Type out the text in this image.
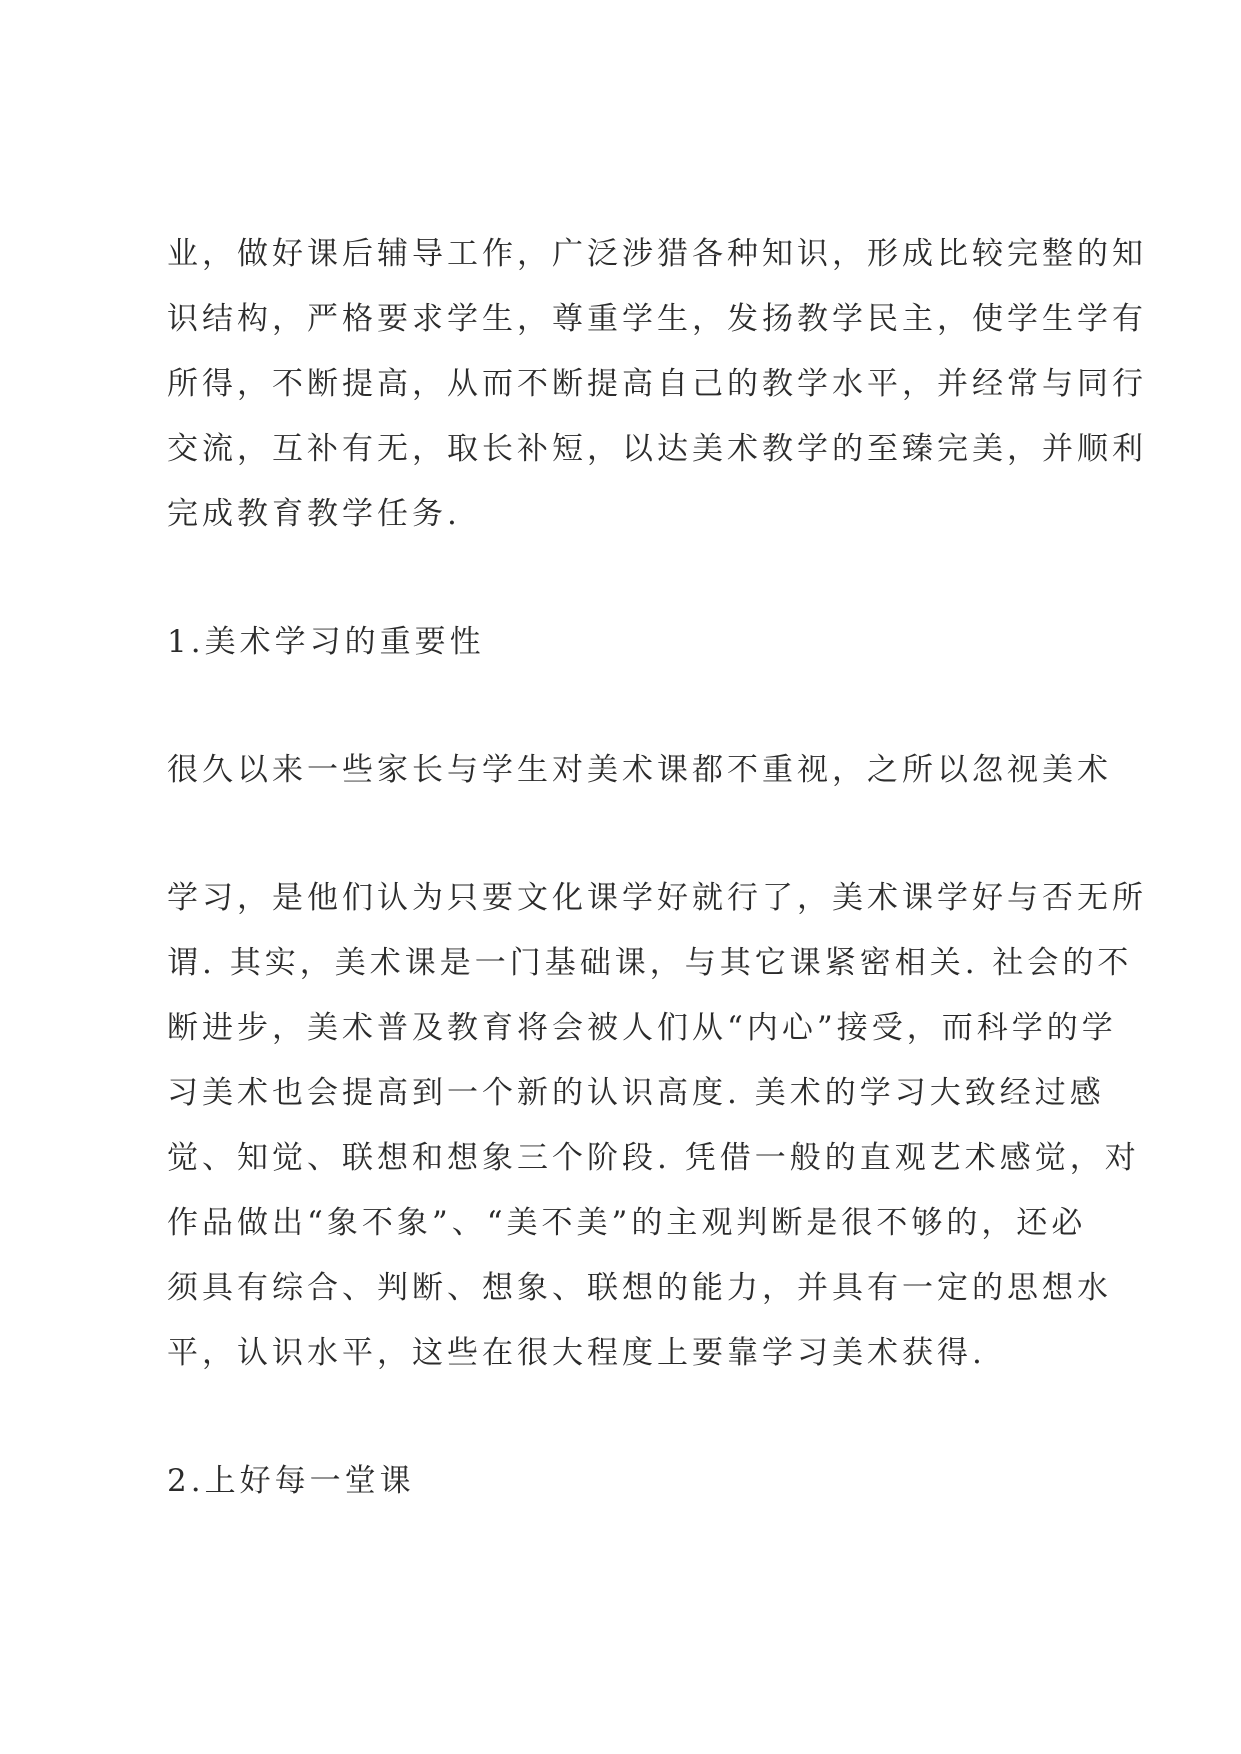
业，做好课后辅导工作，广泛涉猎各种知识，形成比较完整的知
识结构，严格要求学生，尊重学生，发扬教学民主，使学生学有
所得，不断提高，从而不断提高自己的教学水平，并经常与同行
交流，互补有无，取长补短，以达美术教学的至臻完美，并顺利
完成教育教学任务.

1.美术学习的重要性

很久以来一些家长与学生对美术课都不重视，之所以忽视美术

学习，是他们认为只要文化课学好就行了，美术课学好与否无所
谓. 其实，美术课是一门基础课，与其它课紧密相关. 社会的不
断进步，美术普及教育将会被人们从“内心”接受，而科学的学
习美术也会提高到一个新的认识高度. 美术的学习大致经过感
觉、知觉、联想和想象三个阶段. 凭借一般的直观艺术感觉，对
作品做出“象不象”、“美不美”的主观判断是很不够的，还必
须具有综合、判断、想象、联想的能力，并具有一定的思想水
平，认识水平，这些在很大程度上要靠学习美术获得.

2.上好每一堂课
